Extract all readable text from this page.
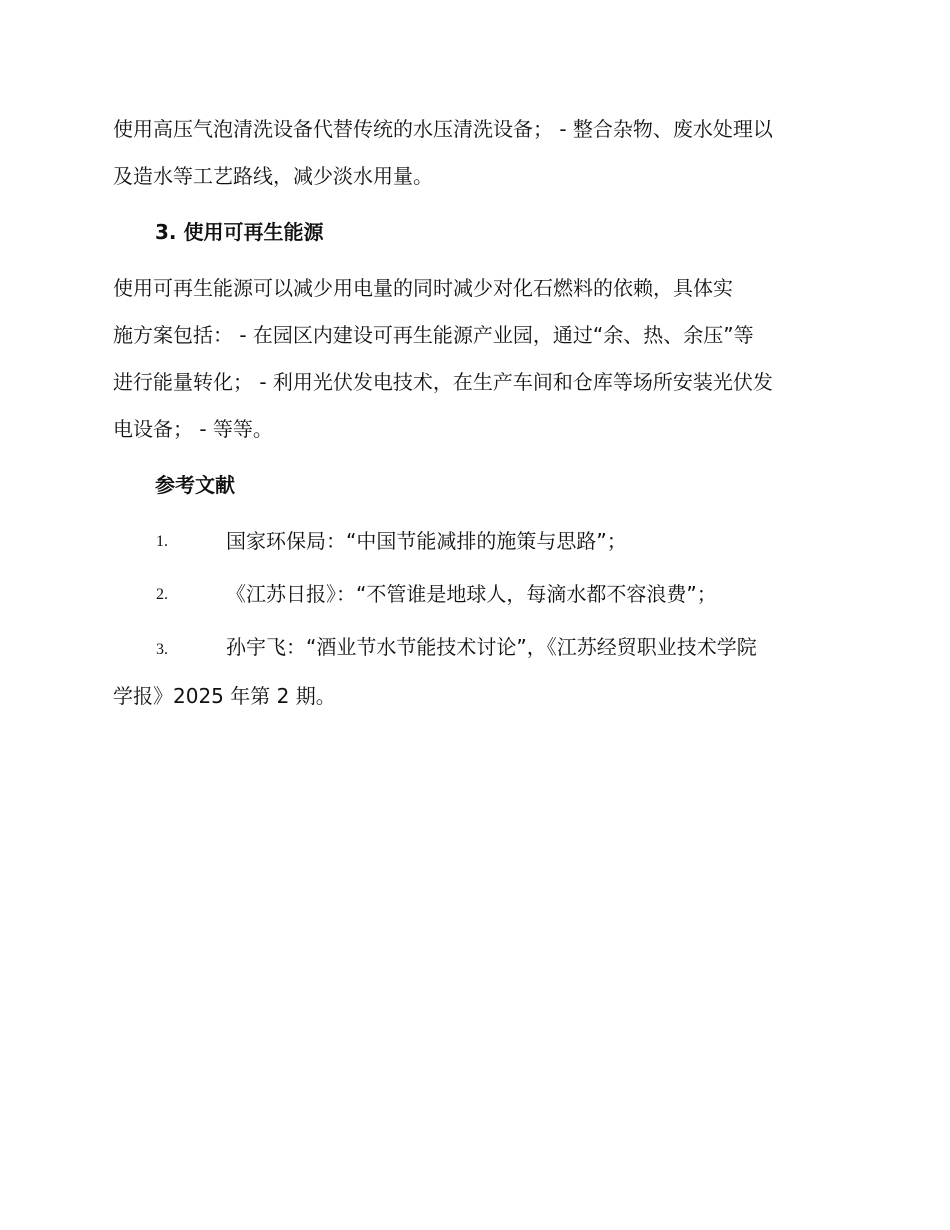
使用高压气泡清洗设备代替传统的水压清洗设备； - 整合杂物、废水处理以
及造水等工艺路线，减少淡水用量。

3. 使用可再生能源

使用可再生能源可以减少用电量的同时减少对化石燃料的依赖，具体实
施方案包括： - 在园区内建设可再生能源产业园，通过“余、热、余压”等
进行能量转化； - 利用光伏发电技术，在生产车间和仓库等场所安装光伏发
电设备； - 等等。

参考文献
1.	国家环保局：“中国节能减排的施策与思路”；
2.	《江苏日报》：“不管谁是地球人，每滴水都不容浪费”；
3.	孙宇飞：“酒业节水节能技术讨论”，《江苏经贸职业技术学院
学报》2025 年第 2 期。
